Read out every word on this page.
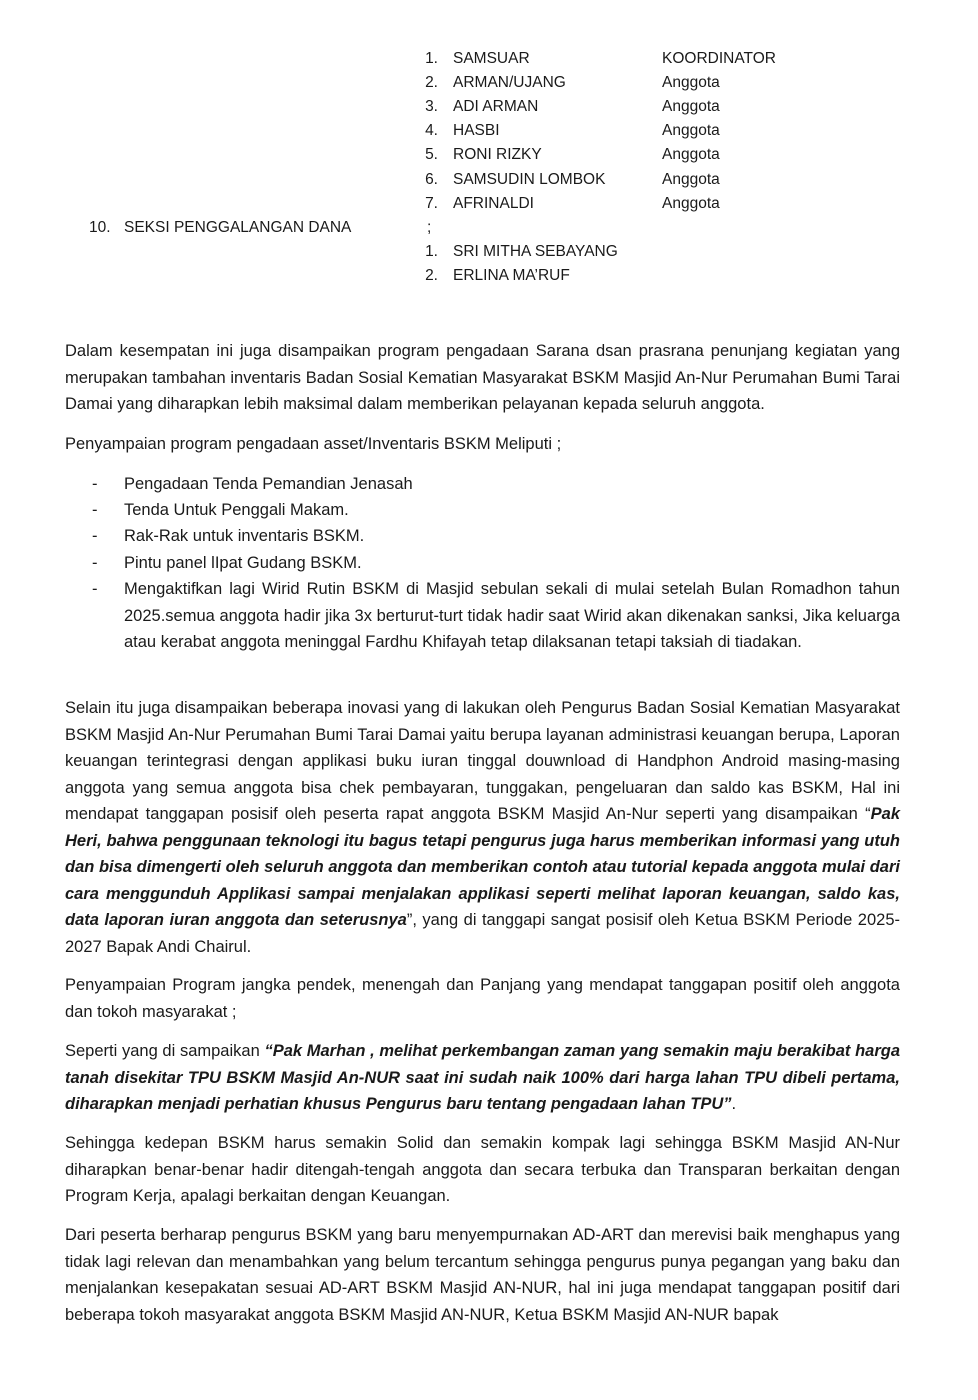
1. SAMSUAR	KOORDINATOR
2. ARMAN/UJANG	Anggota
3. ADI ARMAN	Anggota
4. HASBI	Anggota
5. RONI RIZKY	Anggota
6. SAMSUDIN LOMBOK	Anggota
7. AFRINALDI	Anggota
10. SEKSI PENGGALANGAN DANA	;
1. SRI MITHA SEBAYANG
2. ERLINA MA’RUF

Dalam kesempatan ini juga disampaikan program pengadaan Sarana dsan prasrana penunjang kegiatan yang merupakan tambahan inventaris Badan Sosial Kematian Masyarakat BSKM Masjid An-Nur Perumahan Bumi Tarai Damai yang diharapkan lebih maksimal dalam memberikan pelayanan kepada seluruh anggota.

Penyampaian program pengadaan asset/Inventaris BSKM Meliputi ;

- Pengadaan Tenda Pemandian Jenasah

- Tenda Untuk Penggali Makam.

- Rak-Rak untuk inventaris BSKM.

- Pintu panel lIpat Gudang BSKM.

- Mengaktifkan lagi Wirid Rutin BSKM di Masjid sebulan sekali di mulai setelah Bulan Romadhon tahun 2025.semua anggota hadir jika 3x berturut-turt tidak hadir saat Wirid akan dikenakan sanksi, Jika keluarga atau kerabat anggota meninggal Fardhu Khifayah tetap dilaksanan tetapi taksiah di tiadakan.

Selain itu juga disampaikan beberapa inovasi yang di lakukan oleh Pengurus Badan Sosial Kematian Masyarakat BSKM Masjid An-Nur Perumahan Bumi Tarai Damai yaitu berupa layanan administrasi keuangan berupa, Laporan keuangan terintegrasi dengan applikasi buku iuran tinggal douwnload di Handphon Android masing-masing anggota yang semua anggota bisa chek pembayaran, tunggakan, pengeluaran dan saldo kas BSKM, Hal ini mendapat tanggapan posisif oleh peserta rapat anggota BSKM Masjid An-Nur seperti yang disampaikan “Pak Heri, bahwa penggunaan teknologi itu bagus tetapi pengurus juga harus memberikan informasi yang utuh dan bisa dimengerti oleh seluruh anggota dan memberikan contoh atau tutorial kepada anggota mulai dari cara menggunduh Applikasi sampai menjalakan applikasi seperti melihat laporan keuangan, saldo kas, data laporan iuran anggota dan seterusnya”, yang di tanggapi sangat posisif oleh Ketua BSKM Periode 2025-2027 Bapak Andi Chairul.

Penyampaian Program jangka pendek, menengah dan Panjang yang mendapat tanggapan positif oleh anggota dan tokoh masyarakat ;

Seperti yang di sampaikan “Pak Marhan , melihat perkembangan zaman yang semakin maju berakibat harga tanah disekitar TPU BSKM Masjid An-NUR saat ini sudah naik 100% dari harga lahan TPU dibeli pertama, diharapkan menjadi perhatian khusus Pengurus baru tentang pengadaan lahan TPU”.

Sehingga kedepan BSKM harus semakin Solid dan semakin kompak lagi sehingga BSKM Masjid AN-Nur diharapkan benar-benar hadir ditengah-tengah anggota dan secara terbuka dan Transparan berkaitan dengan Program Kerja, apalagi berkaitan dengan Keuangan.

Dari peserta berharap pengurus BSKM yang baru menyempurnakan AD-ART dan merevisi baik menghapus yang tidak lagi relevan dan menambahkan yang belum tercantum sehingga pengurus punya pegangan yang baku dan menjalankan kesepakatan sesuai AD-ART BSKM Masjid AN-NUR, hal ini juga mendapat tanggapan positif dari beberapa tokoh masyarakat anggota BSKM Masjid AN-NUR, Ketua BSKM Masjid AN-NUR bapak
